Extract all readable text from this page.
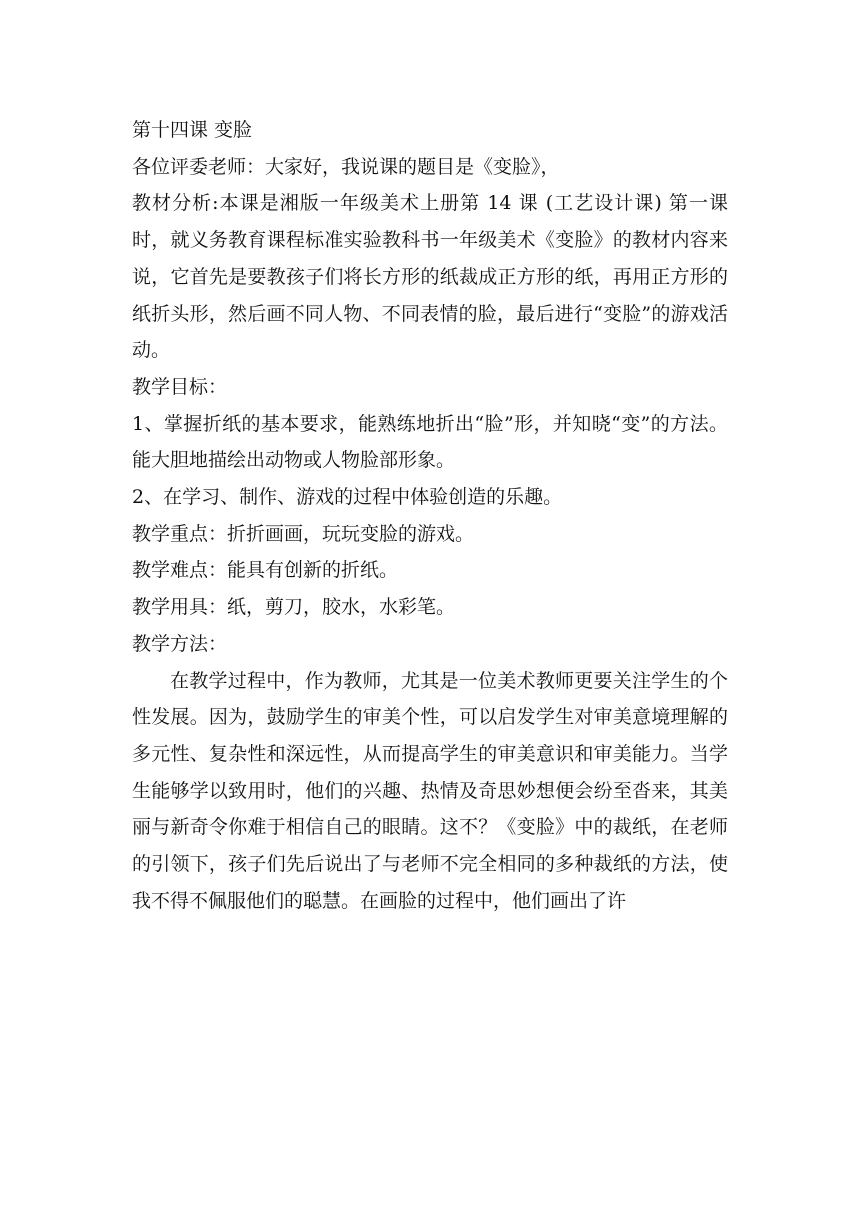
第十四课 变脸

各位评委老师：大家好，我说课的题目是《变脸》，

教材分析:本课是湘版一年级美术上册第 14 课 (工艺设计课) 第一课时，就义务教育课程标准实验教科书一年级美术《变脸》的教材内容来说，它首先是要教孩子们将长方形的纸裁成正方形的纸，再用正方形的纸折头形，然后画不同人物、不同表情的脸，最后进行“变脸”的游戏活动。

教学目标：

1、掌握折纸的基本要求，能熟练地折出“脸”形，并知晓“变”的方法。能大胆地描绘出动物或人物脸部形象。

2、在学习、制作、游戏的过程中体验创造的乐趣。

教学重点：折折画画，玩玩变脸的游戏。

教学难点：能具有创新的折纸。

教学用具：纸，剪刀，胶水，水彩笔。

教学方法：

在教学过程中，作为教师，尤其是一位美术教师更要关注学生的个性发展。因为，鼓励学生的审美个性，可以启发学生对审美意境理解的多元性、复杂性和深远性，从而提高学生的审美意识和审美能力。当学生能够学以致用时，他们的兴趣、热情及奇思妙想便会纷至沓来，其美丽与新奇令你难于相信自己的眼睛。这不？《变脸》中的裁纸，在老师的引领下，孩子们先后说出了与老师不完全相同的多种裁纸的方法，使我不得不佩服他们的聪慧。在画脸的过程中，他们画出了许
